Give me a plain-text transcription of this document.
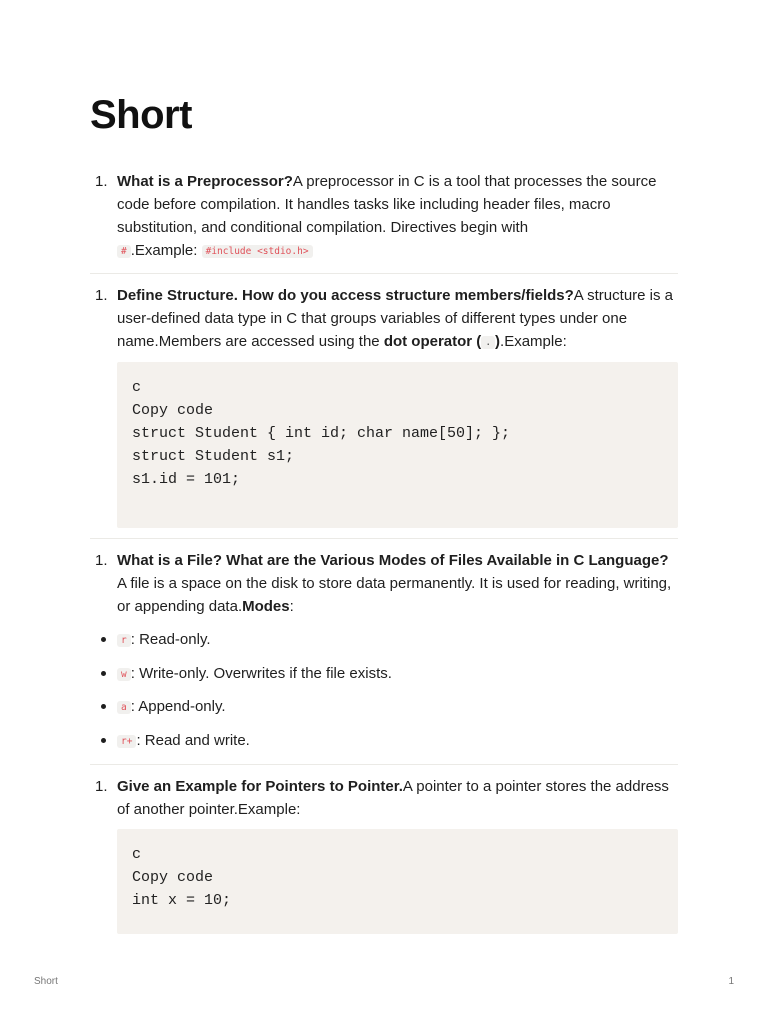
Short
1. What is a Preprocessor?A preprocessor in C is a tool that processes the source code before compilation. It handles tasks like including header files, macro substitution, and conditional compilation. Directives begin with
# .Example: #include <stdio.h>
1. Define Structure. How do you access structure members/fields?A structure is a user-defined data type in C that groups variables of different types under one name.Members are accessed using the dot operator ( . ).Example:
c
Copy code
struct Student { int id; char name[50]; };
struct Student s1;
s1.id = 101;
1. What is a File? What are the Various Modes of Files Available in C Language? A file is a space on the disk to store data permanently. It is used for reading, writing, or appending data.Modes:
r : Read-only.
w : Write-only. Overwrites if the file exists.
a : Append-only.
r+ : Read and write.
1. Give an Example for Pointers to Pointer.A pointer to a pointer stores the address of another pointer.Example:
c
Copy code
int x = 10;
Short	1
